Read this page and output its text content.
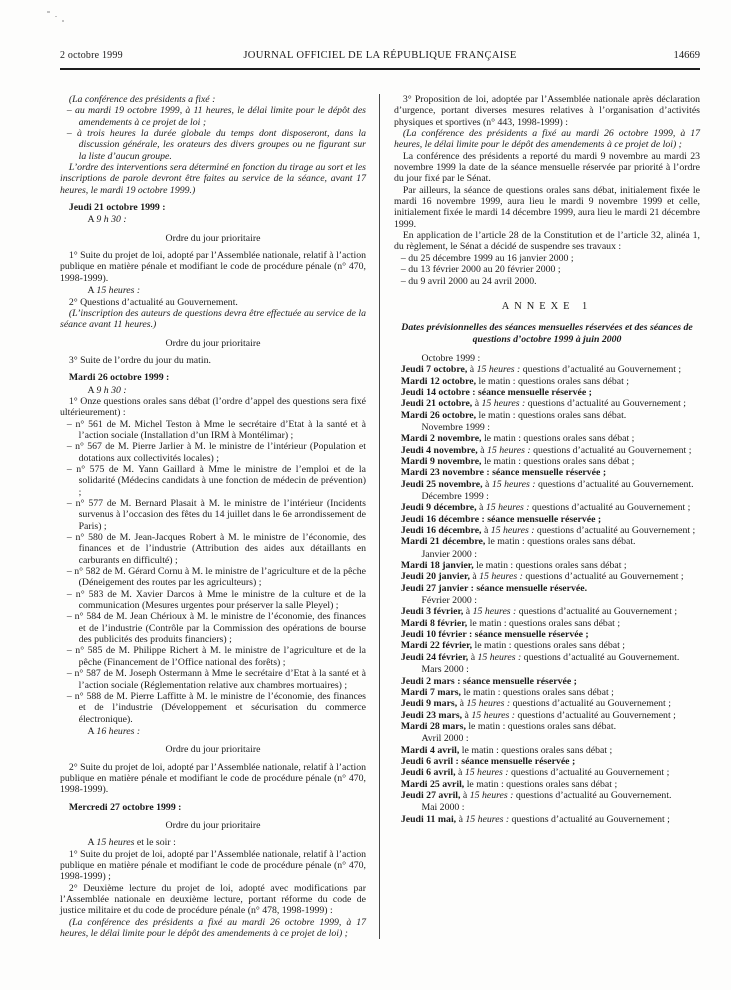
2 octobre 1999	JOURNAL OFFICIEL DE LA RÉPUBLIQUE FRANÇAISE	14669

(La conférence des présidents a fixé :

– au mardi 19 octobre 1999, à 11 heures, le délai limite pour le dépôt des amendements à ce projet de loi ;

– à trois heures la durée globale du temps dont disposeront, dans la discussion générale, les orateurs des divers groupes ou ne figurant sur la liste d’aucun groupe.

L’ordre des interventions sera déterminé en fonction du tirage au sort et les inscriptions de parole devront être faites au service de la séance, avant 17 heures, le mardi 19 octobre 1999.)

Jeudi 21 octobre 1999 :

A 9 h 30 :

Ordre du jour prioritaire

1° Suite du projet de loi, adopté par l’Assemblée nationale, relatif à l’action publique en matière pénale et modifiant le code de procédure pénale (n° 470, 1998-1999).

A 15 heures :

2° Questions d’actualité au Gouvernement.

(L’inscription des auteurs de questions devra être effectuée au service de la séance avant 11 heures.)

Ordre du jour prioritaire

3° Suite de l’ordre du jour du matin.

Mardi 26 octobre 1999 :

A 9 h 30 :

1° Onze questions orales sans débat (l’ordre d’appel des questions sera fixé ultérieurement) :

– n° 561 de M. Michel Teston à Mme le secrétaire d’Etat à la santé et à l’action sociale (Installation d’un IRM à Montélimar) ;

– n° 567 de M. Pierre Jarlier à M. le ministre de l’intérieur (Population et dotations aux collectivités locales) ;

– n° 575 de M. Yann Gaillard à Mme le ministre de l’emploi et de la solidarité (Médecins candidats à une fonction de médecin de prévention) ;

– n° 577 de M. Bernard Plasait à M. le ministre de l’intérieur (Incidents survenus à l’occasion des fêtes du 14 juillet dans le 6e arrondissement de Paris) ;

– n° 580 de M. Jean-Jacques Robert à M. le ministre de l’économie, des finances et de l’industrie (Attribution des aides aux détaillants en carburants en difficulté) ;

– n° 582 de M. Gérard Cornu à M. le ministre de l’agriculture et de la pêche (Déneigement des routes par les agriculteurs) ;

– n° 583 de M. Xavier Darcos à Mme le ministre de la culture et de la communication (Mesures urgentes pour préserver la salle Pleyel) ;

– n° 584 de M. Jean Chérioux à M. le ministre de l’économie, des finances et de l’industrie (Contrôle par la Commission des opérations de bourse des publicités des produits financiers) ;

– n° 585 de M. Philippe Richert à M. le ministre de l’agriculture et de la pêche (Financement de l’Office national des forêts) ;

– n° 587 de M. Joseph Ostermann à Mme le secrétaire d’Etat à la santé et à l’action sociale (Réglementation relative aux chambres mortuaires) ;

– n° 588 de M. Pierre Laffitte à M. le ministre de l’économie, des finances et de l’industrie (Développement et sécurisation du commerce électronique).

A 16 heures :

Ordre du jour prioritaire

2° Suite du projet de loi, adopté par l’Assemblée nationale, relatif à l’action publique en matière pénale et modifiant le code de procédure pénale (n° 470, 1998-1999).

Mercredi 27 octobre 1999 :

Ordre du jour prioritaire

A 15 heures et le soir :

1° Suite du projet de loi, adopté par l’Assemblée nationale, relatif à l’action publique en matière pénale et modifiant le code de procédure pénale (n° 470, 1998-1999) ;

2° Deuxième lecture du projet de loi, adopté avec modifications par l’Assemblée nationale en deuxième lecture, portant réforme du code de justice militaire et du code de procédure pénale (n° 478, 1998-1999) :

(La conférence des présidents a fixé au mardi 26 octobre 1999, à 17 heures, le délai limite pour le dépôt des amendements à ce projet de loi) ;

3° Proposition de loi, adoptée par l’Assemblée nationale après déclaration d’urgence, portant diverses mesures relatives à l’organisation d’activités physiques et sportives (n° 443, 1998-1999) :

(La conférence des présidents a fixé au mardi 26 octobre 1999, à 17 heures, le délai limite pour le dépôt des amendements à ce projet de loi) ;

La conférence des présidents a reporté du mardi 9 novembre au mardi 23 novembre 1999 la date de la séance mensuelle réservée par priorité à l’ordre du jour fixé par le Sénat.

Par ailleurs, la séance de questions orales sans débat, initialement fixée le mardi 16 novembre 1999, aura lieu le mardi 9 novembre 1999 et celle, initialement fixée le mardi 14 décembre 1999, aura lieu le mardi 21 décembre 1999.

En application de l’article 28 de la Constitution et de l’article 32, alinéa 1, du règlement, le Sénat a décidé de suspendre ses travaux :

– du 25 décembre 1999 au 16 janvier 2000 ;

– du 13 février 2000 au 20 février 2000 ;

– du 9 avril 2000 au 24 avril 2000.

ANNEXE 1

Dates prévisionnelles des séances mensuelles réservées et des séances de questions d’octobre 1999 à juin 2000

Octobre 1999 :

Jeudi 7 octobre, à 15 heures : questions d’actualité au Gouvernement ;

Mardi 12 octobre, le matin : questions orales sans débat ;

Jeudi 14 octobre : séance mensuelle réservée ;

Jeudi 21 octobre, à 15 heures : questions d’actualité au Gouvernement ;

Mardi 26 octobre, le matin : questions orales sans débat.

Novembre 1999 :

Mardi 2 novembre, le matin : questions orales sans débat ;

Jeudi 4 novembre, à 15 heures : questions d’actualité au Gouvernement ;

Mardi 9 novembre, le matin : questions orales sans débat ;

Mardi 23 novembre : séance mensuelle réservée ;

Jeudi 25 novembre, à 15 heures : questions d’actualité au Gouvernement.

Décembre 1999 :

Jeudi 9 décembre, à 15 heures : questions d’actualité au Gouvernement ;

Jeudi 16 décembre : séance mensuelle réservée ;

Jeudi 16 décembre, à 15 heures : questions d’actualité au Gouvernement ;

Mardi 21 décembre, le matin : questions orales sans débat.

Janvier 2000 :

Mardi 18 janvier, le matin : questions orales sans débat ;

Jeudi 20 janvier, à 15 heures : questions d’actualité au Gouvernement ;

Jeudi 27 janvier : séance mensuelle réservée.

Février 2000 :

Jeudi 3 février, à 15 heures : questions d’actualité au Gouvernement ;

Mardi 8 février, le matin : questions orales sans débat ;

Jeudi 10 février : séance mensuelle réservée ;

Mardi 22 février, le matin : questions orales sans débat ;

Jeudi 24 février, à 15 heures : questions d’actualité au Gouvernement.

Mars 2000 :

Jeudi 2 mars : séance mensuelle réservée ;

Mardi 7 mars, le matin : questions orales sans débat ;

Jeudi 9 mars, à 15 heures : questions d’actualité au Gouvernement ;

Jeudi 23 mars, à 15 heures : questions d’actualité au Gouvernement ;

Mardi 28 mars, le matin : questions orales sans débat.

Avril 2000 :

Mardi 4 avril, le matin : questions orales sans débat ;

Jeudi 6 avril : séance mensuelle réservée ;

Jeudi 6 avril, à 15 heures : questions d’actualité au Gouvernement ;

Mardi 25 avril, le matin : questions orales sans débat ;

Jeudi 27 avril, à 15 heures : questions d’actualité au Gouvernement.

Mai 2000 :

Jeudi 11 mai, à 15 heures : questions d’actualité au Gouvernement ;
